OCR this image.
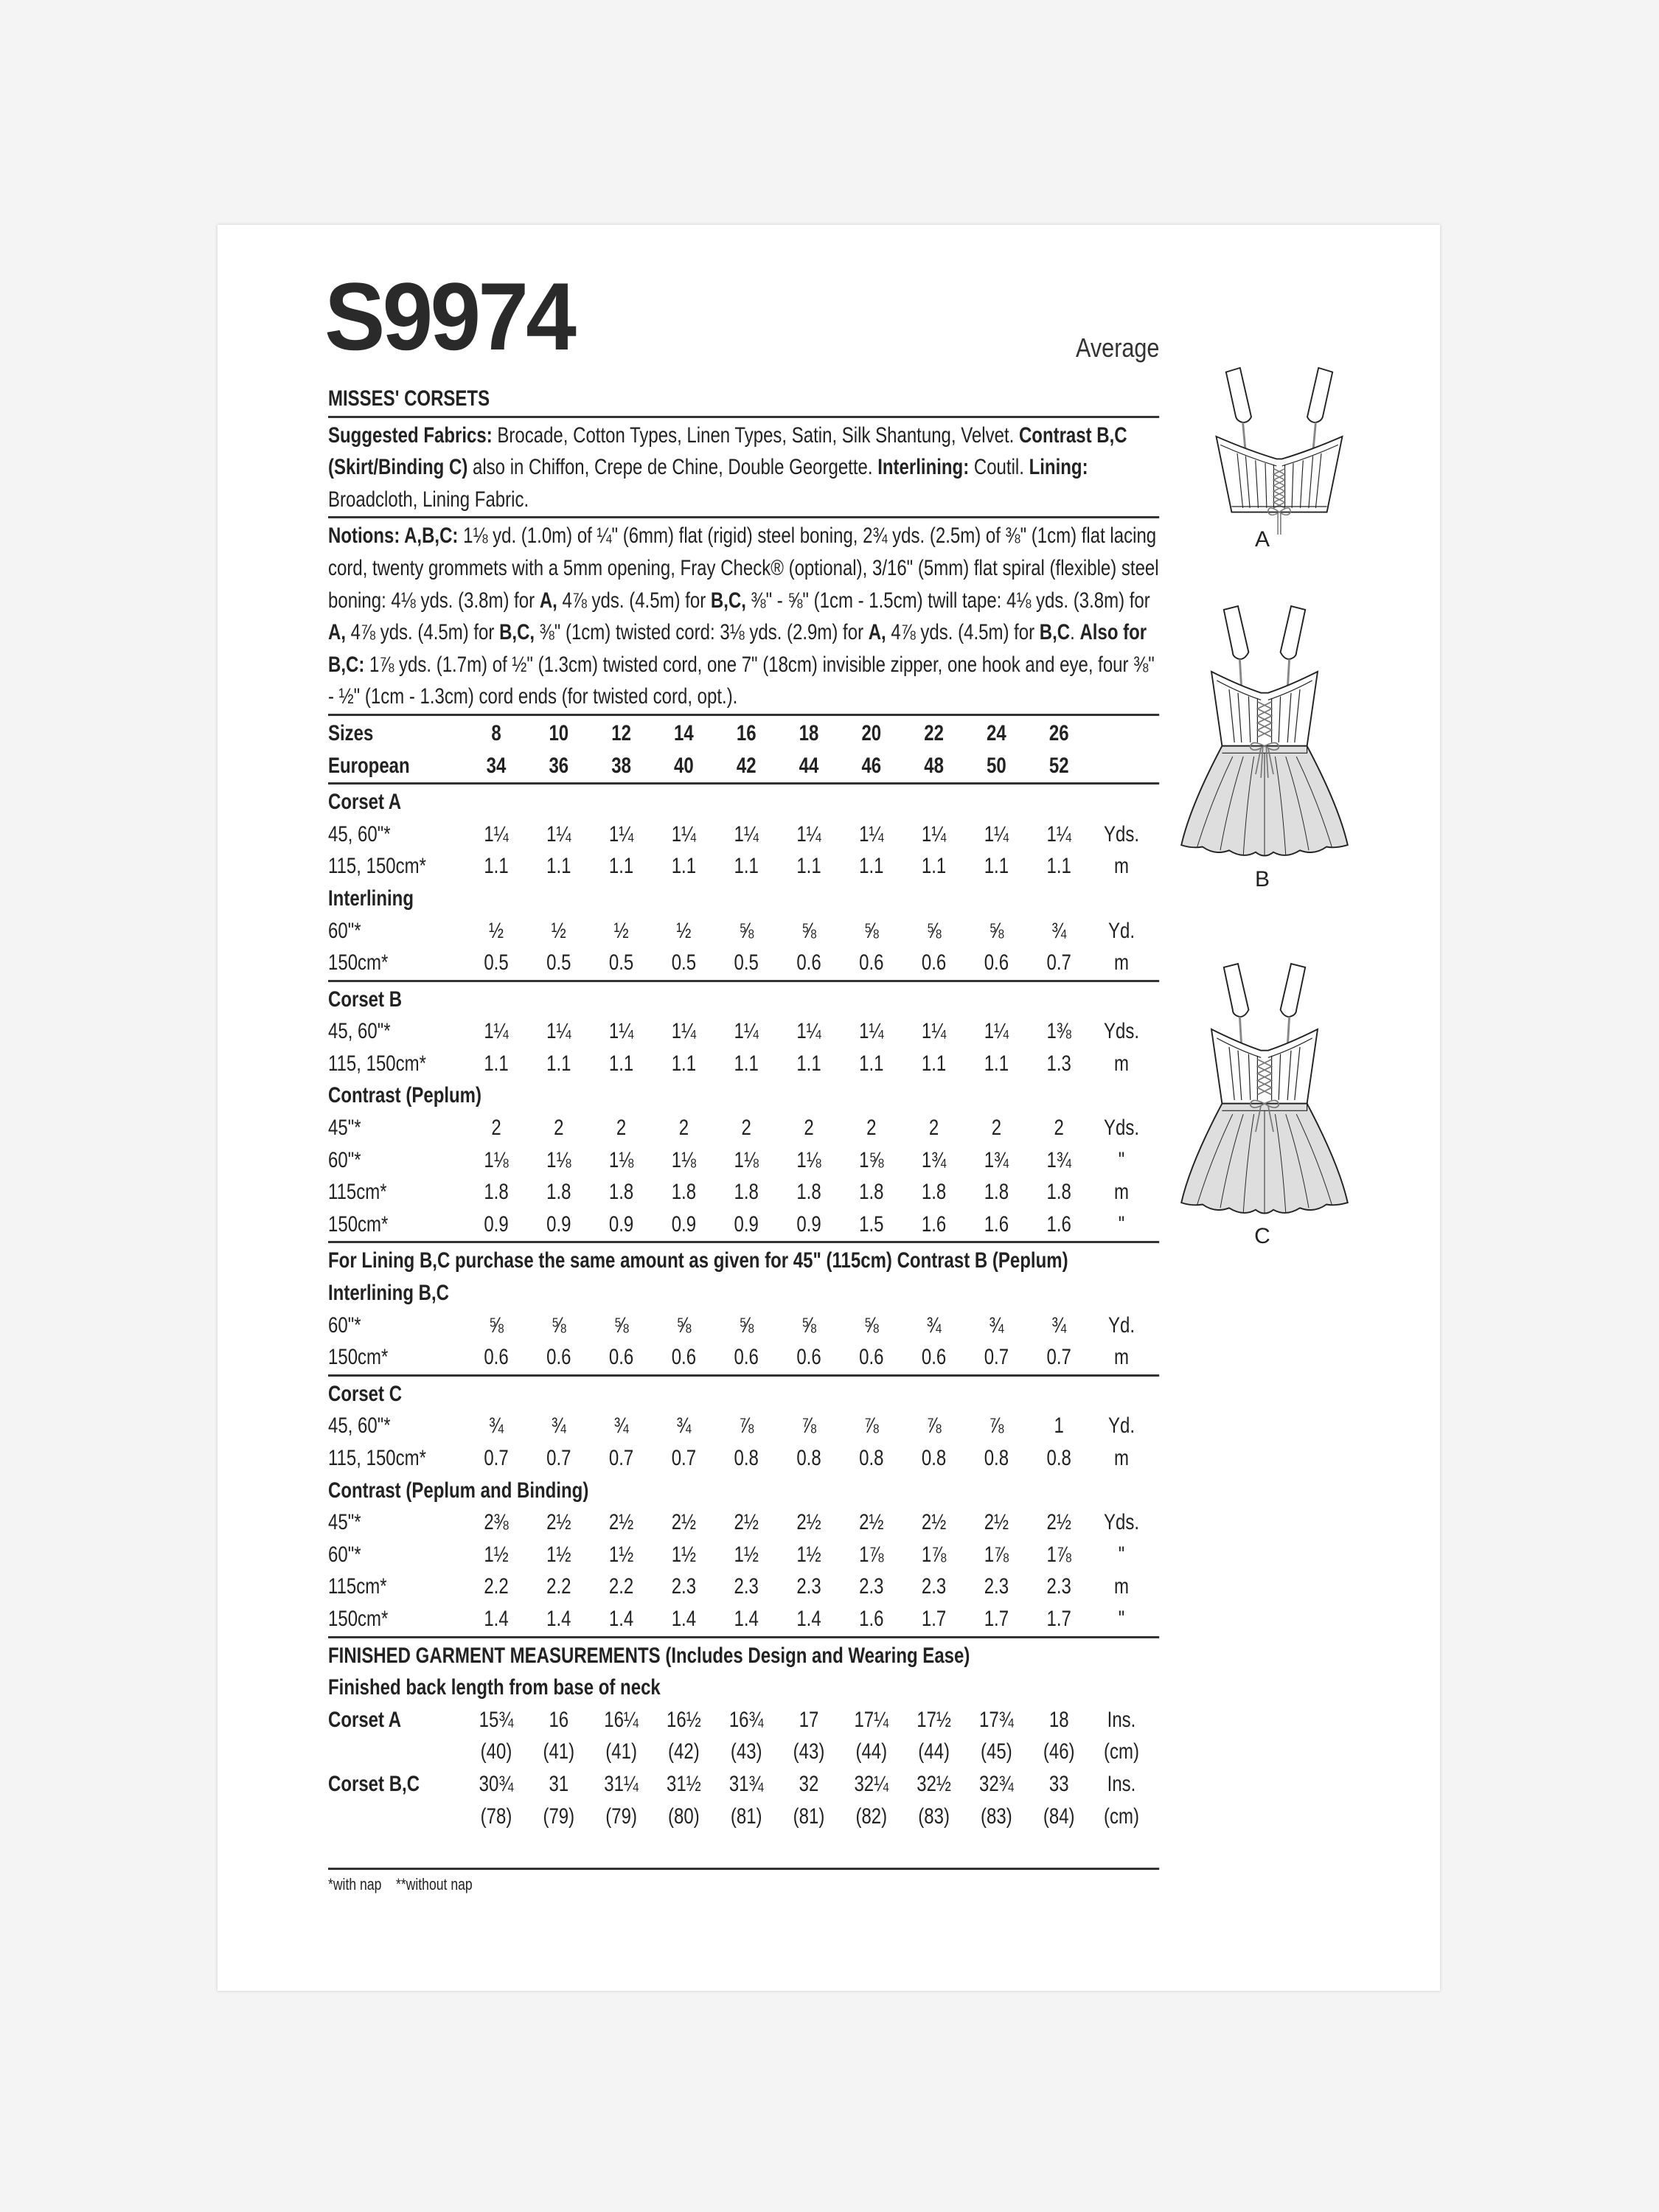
S9974	Average
MISSES' CORSETS

Suggested Fabrics: Brocade, Cotton Types, Linen Types, Satin, Silk Shantung, Velvet. Contrast B,C (Skirt/Binding C) also in Chiffon, Crepe de Chine, Double Georgette. Interlining: Coutil. Lining: Broadcloth, Lining Fabric.

Notions: A,B,C: 1⅛ yd. (1.0m) of ¼" (6mm) flat (rigid) steel boning, 2¾ yds. (2.5m) of ⅜" (1cm) flat lacing cord, twenty grommets with a 5mm opening, Fray Check® (optional), 3/16" (5mm) flat spiral (flexible) steel boning: 4⅛ yds. (3.8m) for A, 4⅞ yds. (4.5m) for B,C, ⅜" - ⅝" (1cm - 1.5cm) twill tape: 4⅛ yds. (3.8m) for A, 4⅞ yds. (4.5m) for B,C, ⅜" (1cm) twisted cord: 3⅛ yds. (2.9m) for A, 4⅞ yds. (4.5m) for B,C. Also for B,C: 1⅞ yds. (1.7m) of ½" (1.3cm) twisted cord, one 7" (18cm) invisible zipper, one hook and eye, four ⅜" - ½" (1cm - 1.3cm) cord ends (for twisted cord, opt.).

Sizes	8	10	12	14	16	18	20	22	24	26
European	34	36	38	40	42	44	46	48	50	52
Corset A
45, 60"*	1¼	1¼	1¼	1¼	1¼	1¼	1¼	1¼	1¼	1¼	Yds.
115, 150cm*	1.1	1.1	1.1	1.1	1.1	1.1	1.1	1.1	1.1	1.1	m
Interlining
60"*	½	½	½	½	⅝	⅝	⅝	⅝	⅝	¾	Yd.
150cm*	0.5	0.5	0.5	0.5	0.5	0.6	0.6	0.6	0.6	0.7	m
Corset B
45, 60"*	1¼	1¼	1¼	1¼	1¼	1¼	1¼	1¼	1¼	1⅜	Yds.
115, 150cm*	1.1	1.1	1.1	1.1	1.1	1.1	1.1	1.1	1.1	1.3	m
Contrast (Peplum)
45"*	2	2	2	2	2	2	2	2	2	2	Yds.
60"*	1⅛	1⅛	1⅛	1⅛	1⅛	1⅛	1⅝	1¾	1¾	1¾	"
115cm*	1.8	1.8	1.8	1.8	1.8	1.8	1.8	1.8	1.8	1.8	m
150cm*	0.9	0.9	0.9	0.9	0.9	0.9	1.5	1.6	1.6	1.6	"
For Lining B,C purchase the same amount as given for 45" (115cm) Contrast B (Peplum)
Interlining B,C
60"*	⅝	⅝	⅝	⅝	⅝	⅝	⅝	¾	¾	¾	Yd.
150cm*	0.6	0.6	0.6	0.6	0.6	0.6	0.6	0.6	0.7	0.7	m
Corset C
45, 60"*	¾	¾	¾	¾	⅞	⅞	⅞	⅞	⅞	1	Yd.
115, 150cm*	0.7	0.7	0.7	0.7	0.8	0.8	0.8	0.8	0.8	0.8	m
Contrast (Peplum and Binding)
45"*	2⅜	2½	2½	2½	2½	2½	2½	2½	2½	2½	Yds.
60"*	1½	1½	1½	1½	1½	1½	1⅞	1⅞	1⅞	1⅞	"
115cm*	2.2	2.2	2.2	2.3	2.3	2.3	2.3	2.3	2.3	2.3	m
150cm*	1.4	1.4	1.4	1.4	1.4	1.4	1.6	1.7	1.7	1.7	"
FINISHED GARMENT MEASUREMENTS (Includes Design and Wearing Ease)
Finished back length from base of neck
Corset A	15¾	16	16¼	16½	16¾	17	17¼	17½	17¾	18	Ins.
(40)	(41)	(41)	(42)	(43)	(43)	(44)	(44)	(45)	(46)	(cm)
Corset B,C	30¾	31	31¼	31½	31¾	32	32¼	32½	32¾	33	Ins.
(78)	(79)	(79)	(80)	(81)	(81)	(82)	(83)	(83)	(84)	(cm)
*with nap **without nap
A
B
C
